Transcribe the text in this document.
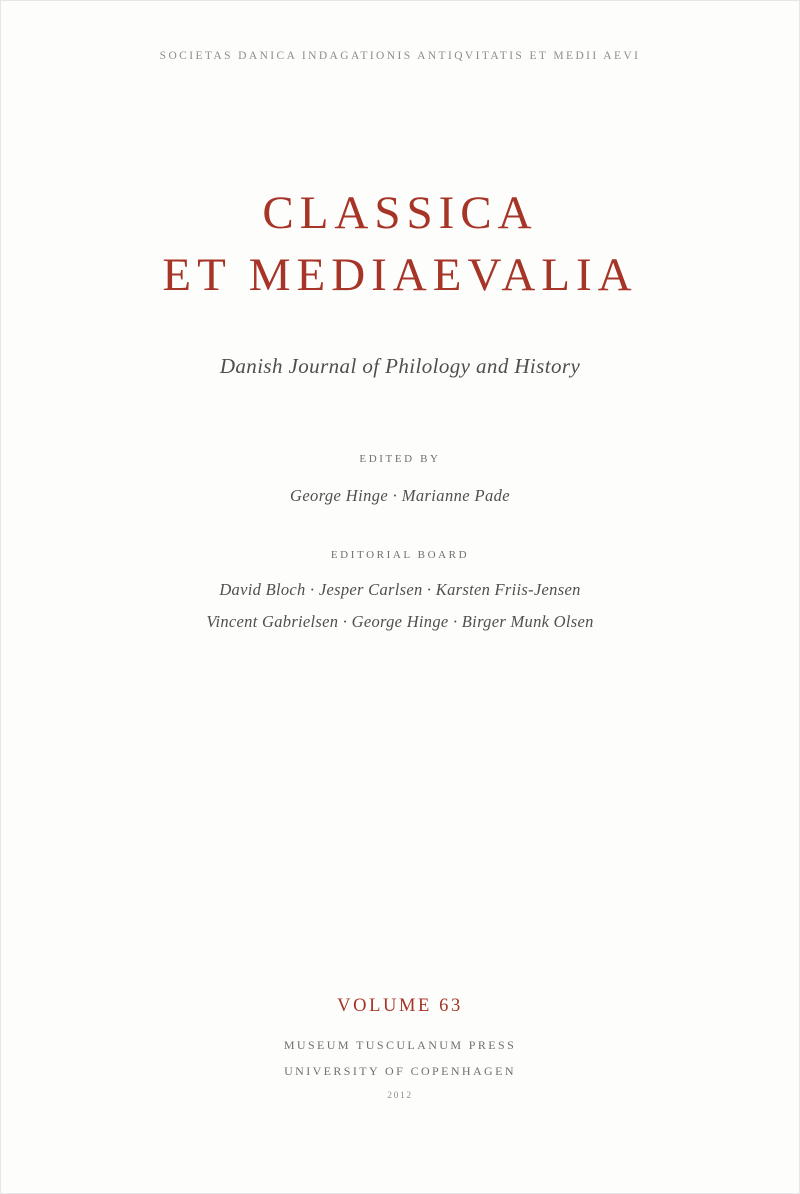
SOCIETAS DANICA INDAGATIONIS ANTIQVITATIS ET MEDII AEVI
CLASSICA
ET MEDIAEVALIA
Danish Journal of Philology and History
EDITED BY
George Hinge · Marianne Pade
EDITORIAL BOARD
David Bloch · Jesper Carlsen · Karsten Friis-Jensen
Vincent Gabrielsen · George Hinge · Birger Munk Olsen
VOLUME 63
MUSEUM TUSCULANUM PRESS
UNIVERSITY OF COPENHAGEN
2012
